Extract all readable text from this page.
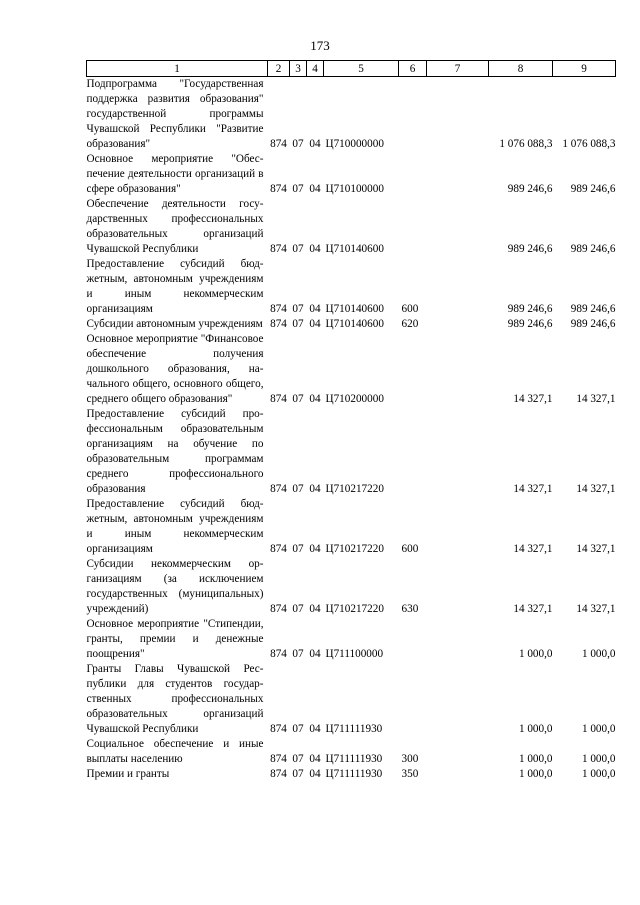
173
1	2	3	4	5	6	7	8	9
Подпрограмма "Государственная поддержка развития образования" государственной программы Чувашской Республики "Развитие образования"	874	07	04	Ц710000000			1 076 088,3	1 076 088,3
Основное мероприятие "Обеспечение деятельности организаций в сфере образования"	874	07	04	Ц710100000			989 246,6	989 246,6
Обеспечение деятельности государственных профессиональных образовательных организаций Чувашской Республики	874	07	04	Ц710140600			989 246,6	989 246,6
Предоставление субсидий бюджетным, автономным учреждениям и иным некоммерческим организациям	874	07	04	Ц710140600	600		989 246,6	989 246,6
Субсидии автономным учреждениям	874	07	04	Ц710140600	620		989 246,6	989 246,6
Основное мероприятие "Финансовое обеспечение получения дошкольного образования, начального общего, основного общего, среднего общего образования"	874	07	04	Ц710200000			14 327,1	14 327,1
Предоставление субсидий профессиональным образовательным организациям на обучение по образовательным программам среднего профессионального образования	874	07	04	Ц710217220			14 327,1	14 327,1
Предоставление субсидий бюджетным, автономным учреждениям и иным некоммерческим организациям	874	07	04	Ц710217220	600		14 327,1	14 327,1
Субсидии некоммерческим организациям (за исключением государственных (муниципальных) учреждений)	874	07	04	Ц710217220	630		14 327,1	14 327,1
Основное мероприятие "Стипендии, гранты, премии и денежные поощрения"	874	07	04	Ц711100000			1 000,0	1 000,0
Гранты Главы Чувашской Республики для студентов государственных профессиональных образовательных организаций Чувашской Республики	874	07	04	Ц711111930			1 000,0	1 000,0
Социальное обеспечение и иные выплаты населению	874	07	04	Ц711111930	300		1 000,0	1 000,0
Премии и гранты	874	07	04	Ц711111930	350		1 000,0	1 000,0
